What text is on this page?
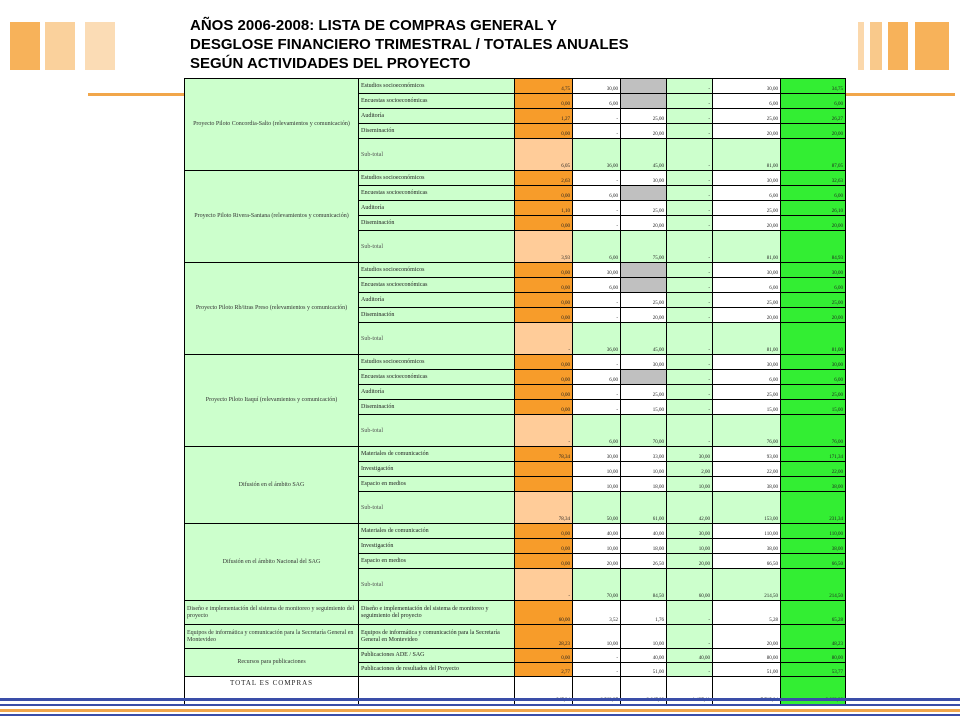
AÑOS 2006-2008: LISTA DE COMPRAS GENERAL Y
DESGLOSE FINANCIERO TRIMESTRAL / TOTALES ANUALES
SEGÚN ACTIVIDADES DEL PROYECTO
Proyecto Piloto Concordia-Salto (relevamientos y comunicación)	Estudios socioeconómicos	4,75	30,00		-	30,00	34,75
	Encuestas socioeconómicas	0,00	6,00		-	6,00	6,00
	Auditoría	1,27	-	25,00	-	25,00	26,27
	Diseminación	0,00	-	20,00	-	20,00	20,00
	Sub-total	6,05	36,00	45,00	-	81,00	87,05
Proyecto Piloto Rivera-Santana (relevamientos y comunicación)	Estudios socioeconómicos	2,63	-	30,00	-	30,00	32,63
	Encuestas socioeconómicas	0,00	6,00		-	6,00	6,00
	Auditoría	1,10	-	25,00	-	25,00	26,10
	Diseminación	0,00	-	20,00	-	20,00	20,00
	Sub-total	3,93	6,00	75,00	-	81,00	84,93
Proyecto Piloto Rb/itras Preso (relevamientos y comunicación)	Estudios socioeconómicos	0,00	30,00		-	30,00	30,00
	Encuestas socioeconómicas	0,00	6,00		-	6,00	6,00
	Auditoría	0,00	-	25,00	-	25,00	25,00
	Diseminación	0,00	-	20,00	-	20,00	20,00
	Sub-total	-	36,00	45,00	-	81,00	81,00
Proyecto Piloto Itaquí (relevamientos y comunicación)	Estudios socioeconómicos	0,00	-	30,00	-	30,00	30,00
	Encuestas socioeconómicas	0,00	6,00		-	6,00	6,00
	Auditoría	0,00	-	25,00	-	25,00	25,00
	Diseminación	0,00	-	15,00	-	15,00	15,00
	Sub-total	-	6,00	70,00	-	76,00	76,00
Difusión en el ámbito SAG	Materiales de comunicación	78,34	30,00	33,00	30,00	93,00	171,34
	Investigación		10,00	10,00	2,00	22,00	22,00
	Espacio en medios		10,00	18,00	10,00	38,00	38,00
	Sub-total	78,34	50,00	61,00	42,00	153,00	231,34
Difusión en el ámbito Nacional del SAG	Materiales de comunicación	0,00	40,00	40,00	30,00	110,00	110,00
	Investigación	0,00	10,00	18,00	10,00	38,00	38,00
	Espacio en medios	0,00	20,00	26,50	20,00	66,50	66,50
	Sub-total	-	70,00	84,50	60,00	214,50	214,50
Diseño e implementación del sistema de monitoreo y seguimiento del proyecto	Diseño e implementación del sistema de monitoreo y seguimiento del proyecto	60,00	3,52	1,76	-	5,28	65,28
Equipos de informática y comunicación para la Secretaría General en Montevideo	Equipos de informática y comunicación para la Secretaría General en Montevideo	28,23	10,00	10,00	-	20,00	48,23
Recursos para publicaciones	Publicaciones ADE / SAG	0,00	-	40,00	40,00	80,00	80,00
	Publicaciones de resultados del Proyecto	2,77	-	51,00	-	51,00	53,77
TOTAL ES COMPRAS							
